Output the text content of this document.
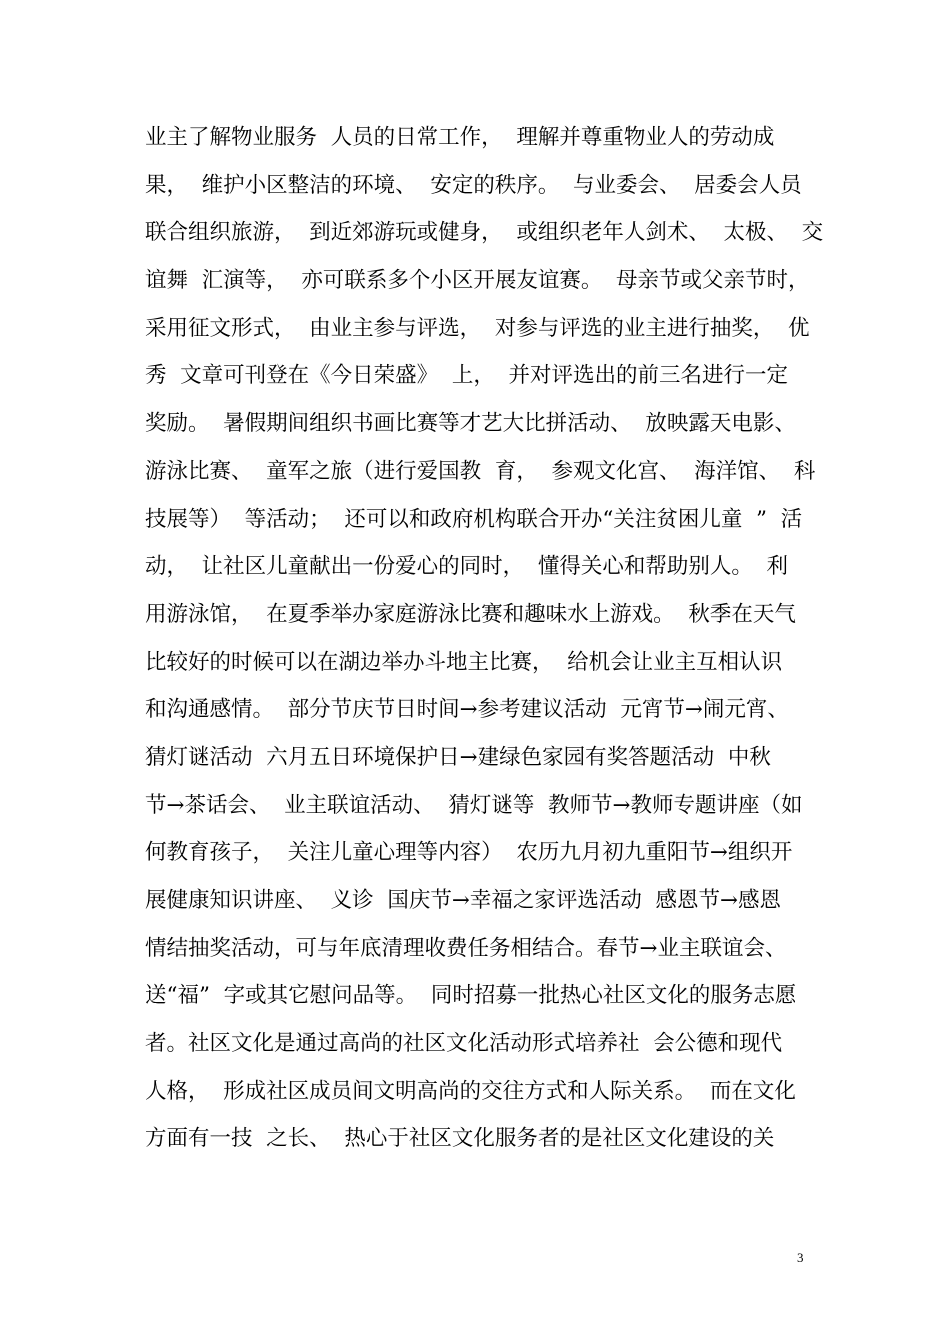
业主了解物业服务  人员的日常工作，  理解并尊重物业人的劳动成
果，  维护小区整洁的环境、  安定的秩序。  与业委会、  居委会人员
联合组织旅游，  到近郊游玩或健身，  或组织老年人剑术、  太极、  交
谊舞  汇演等，  亦可联系多个小区开展友谊赛。  母亲节或父亲节时，
采用征文形式，  由业主参与评选，  对参与评选的业主进行抽奖，  优
秀  文章可刊登在《今日荣盛》  上，  并对评选出的前三名进行一定
奖励。  暑假期间组织书画比赛等才艺大比拼活动、  放映露天电影、
游泳比赛、  童军之旅（进行爱国教  育，  参观文化宫、  海洋馆、  科
技展等）  等活动；  还可以和政府机构联合开办“关注贫困儿童  ”  活
动，  让社区儿童献出一份爱心的同时，  懂得关心和帮助别人。  利
用游泳馆，  在夏季举办家庭游泳比赛和趣味水上游戏。  秋季在天气
比较好的时候可以在湖边举办斗地主比赛，  给机会让业主互相认识
和沟通感情。  部分节庆节日时间→参考建议活动  元宵节→闹元宵、
猜灯谜活动  六月五日环境保护日→建绿色家园有奖答题活动  中秋
节→茶话会、  业主联谊活动、  猜灯谜等  教师节→教师专题讲座（如
何教育孩子，  关注儿童心理等内容）  农历九月初九重阳节→组织开
展健康知识讲座、  义诊  国庆节→幸福之家评选活动  感恩节→感恩
情结抽奖活动，可与年底清理收费任务相结合。春节→业主联谊会、
送“福”  字或其它慰问品等。  同时招募一批热心社区文化的服务志愿
者。社区文化是通过高尚的社区文化活动形式培养社  会公德和现代
人格，  形成社区成员间文明高尚的交往方式和人际关系。  而在文化
方面有一技  之长、  热心于社区文化服务者的是社区文化建设的关
3
